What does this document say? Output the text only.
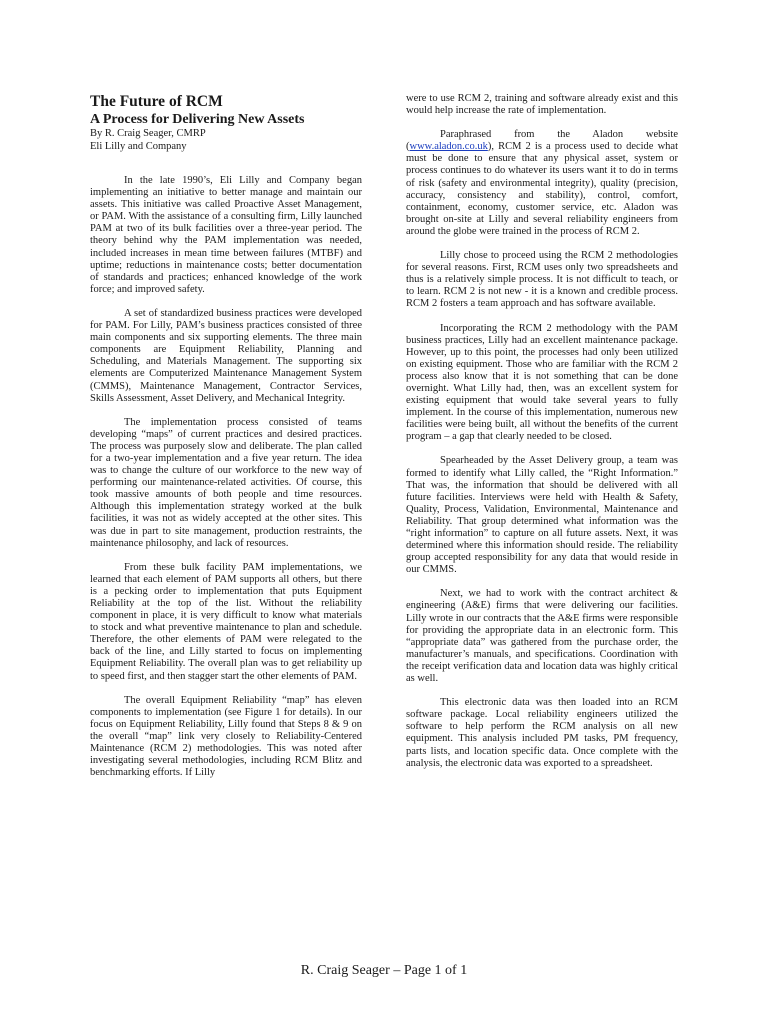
The Future of RCM
A Process for Delivering New Assets

By R. Craig Seager, CMRP

Eli Lilly and Company

In the late 1990’s, Eli Lilly and Company began implementing an initiative to better manage and maintain our assets. This initiative was called Proactive Asset Management, or PAM. With the assistance of a consulting firm, Lilly launched PAM at two of its bulk facilities over a three-year period. The theory behind why the PAM implementation was needed, included increases in mean time between failures (MTBF) and uptime; reductions in maintenance costs; better documentation of standards and practices; enhanced knowledge of the work force; and improved safety.

A set of standardized business practices were developed for PAM. For Lilly, PAM’s business practices consisted of three main components and six supporting elements. The three main components are Equipment Reliability, Planning and Scheduling, and Materials Management. The supporting six elements are Computerized Maintenance Management System (CMMS), Maintenance Management, Contractor Services, Skills Assessment, Asset Delivery, and Mechanical Integrity.

The implementation process consisted of teams developing “maps” of current practices and desired practices. The process was purposely slow and deliberate. The plan called for a two-year implementation and a five year return. The idea was to change the culture of our workforce to the new way of performing our maintenance-related activities. Of course, this took massive amounts of both people and time resources. Although this implementation strategy worked at the bulk facilities, it was not as widely accepted at the other sites. This was due in part to site management, production restraints, the maintenance philosophy, and lack of resources.

From these bulk facility PAM implementations, we learned that each element of PAM supports all others, but there is a pecking order to implementation that puts Equipment Reliability at the top of the list. Without the reliability component in place, it is very difficult to know what materials to stock and what preventive maintenance to plan and schedule. Therefore, the other elements of PAM were relegated to the back of the line, and Lilly started to focus on implementing Equipment Reliability. The overall plan was to get reliability up to speed first, and then stagger start the other elements of PAM.

The overall Equipment Reliability “map” has eleven components to implementation (see Figure 1 for details). In our focus on Equipment Reliability, Lilly found that Steps 8 & 9 on the overall “map” link very closely to Reliability-Centered Maintenance (RCM 2) methodologies. This was noted after investigating several methodologies, including RCM Blitz and benchmarking efforts. If Lilly

were to use RCM 2, training and software already exist and this would help increase the rate of implementation.

Paraphrased from the Aladon website (www.aladon.co.uk), RCM 2 is a process used to decide what must be done to ensure that any physical asset, system or process continues to do whatever its users want it to do in terms of risk (safety and environmental integrity), quality (precision, accuracy, consistency and stability), control, comfort, containment, economy, customer service, etc. Aladon was brought on-site at Lilly and several reliability engineers from around the globe were trained in the process of RCM 2.

Lilly chose to proceed using the RCM 2 methodologies for several reasons. First, RCM uses only two spreadsheets and thus is a relatively simple process. It is not difficult to teach, or to learn. RCM 2 is not new - it is a known and credible process. RCM 2 fosters a team approach and has software available.

Incorporating the RCM 2 methodology with the PAM business practices, Lilly had an excellent maintenance package. However, up to this point, the processes had only been utilized on existing equipment. Those who are familiar with the RCM 2 process also know that it is not something that can be done overnight. What Lilly had, then, was an excellent system for existing equipment that would take several years to fully implement. In the course of this implementation, numerous new facilities were being built, all without the benefits of the current program – a gap that clearly needed to be closed.

Spearheaded by the Asset Delivery group, a team was formed to identify what Lilly called, the “Right Information.” That was, the information that should be delivered with all future facilities. Interviews were held with Health & Safety, Quality, Process, Validation, Environmental, Maintenance and Reliability. That group determined what information was the “right information” to capture on all future assets. Next, it was determined where this information should reside. The reliability group accepted responsibility for any data that would reside in our CMMS.

Next, we had to work with the contract architect & engineering (A&E) firms that were delivering our facilities. Lilly wrote in our contracts that the A&E firms were responsible for providing the appropriate data in an electronic form. This “appropriate data” was gathered from the purchase order, the manufacturer’s manuals, and specifications. Coordination with the receipt verification data and location data was highly critical as well.

This electronic data was then loaded into an RCM software package. Local reliability engineers utilized the software to help perform the RCM analysis on all new equipment. This analysis included PM tasks, PM frequency, parts lists, and location specific data. Once complete with the analysis, the electronic data was exported to a spreadsheet.

R. Craig Seager – Page 1 of 1
